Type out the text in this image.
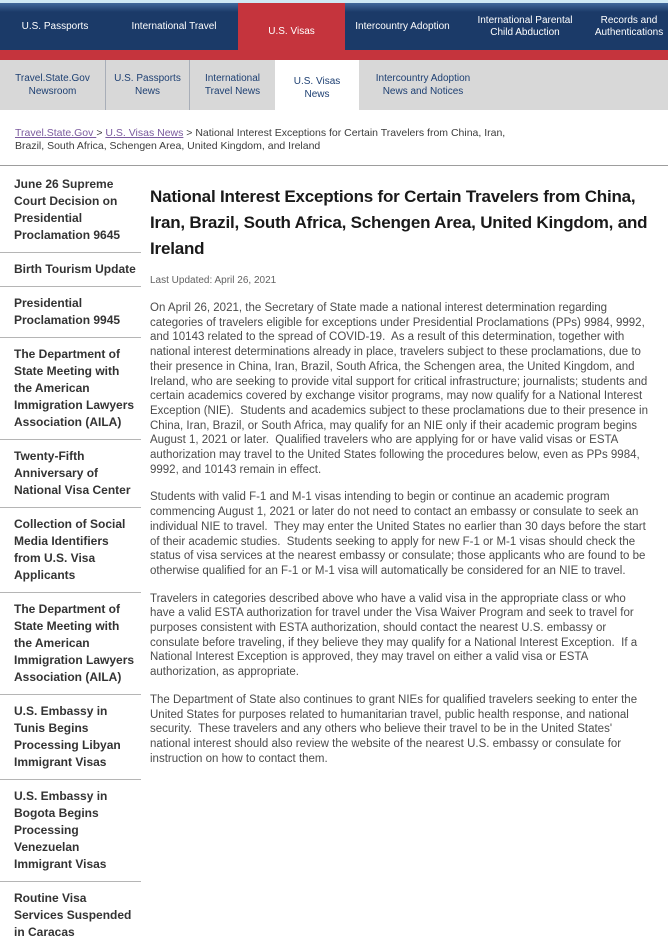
U.S. Passports	International Travel	U.S. Visas	Intercountry Adoption
International Parental Child Abduction
Records and Authentications
Travel.State.Gov Newsroom
U.S. Passports News
International Travel News
U.S. Visas News
Intercountry Adoption News and Notices
Travel.State.Gov > U.S. Visas News > National Interest Exceptions for Certain Travelers from China, Iran, Brazil, South Africa, Schengen Area, United Kingdom, and Ireland
June 26 Supreme Court Decision on Presidential Proclamation 9645
Birth Tourism Update
Presidential Proclamation 9945
The Department of State Meeting with the American Immigration Lawyers Association (AILA)
Twenty-Fifth Anniversary of National Visa Center
Collection of Social Media Identifiers from U.S. Visa Applicants
The Department of State Meeting with the American Immigration Lawyers Association (AILA)
U.S. Embassy in Tunis Begins Processing Libyan Immigrant Visas
U.S. Embassy in Bogota Begins Processing Venezuelan Immigrant Visas
Routine Visa Services Suspended in Caracas
National Interest Exceptions for Certain Travelers from China, Iran, Brazil, South Africa, Schengen Area, United Kingdom, and Ireland
Last Updated: April 26, 2021

On April 26, 2021, the Secretary of State made a national interest determination regarding categories of travelers eligible for exceptions under Presidential Proclamations (PPs) 9984, 9992, and 10143 related to the spread of COVID-19.  As a result of this determination, together with national interest determinations already in place, travelers subject to these proclamations, due to their presence in China, Iran, Brazil, South Africa, the Schengen area, the United Kingdom, and Ireland, who are seeking to provide vital support for critical infrastructure; journalists; students and certain academics covered by exchange visitor programs, may now qualify for a National Interest Exception (NIE).  Students and academics subject to these proclamations due to their presence in China, Iran, Brazil, or South Africa, may qualify for an NIE only if their academic program begins August 1, 2021 or later.  Qualified travelers who are applying for or have valid visas or ESTA authorization may travel to the United States following the procedures below, even as PPs 9984, 9992, and 10143 remain in effect.

Students with valid F-1 and M-1 visas intending to begin or continue an academic program commencing August 1, 2021 or later do not need to contact an embassy or consulate to seek an individual NIE to travel.  They may enter the United States no earlier than 30 days before the start of their academic studies.  Students seeking to apply for new F-1 or M-1 visas should check the status of visa services at the nearest embassy or consulate; those applicants who are found to be otherwise qualified for an F-1 or M-1 visa will automatically be considered for an NIE to travel.

Travelers in categories described above who have a valid visa in the appropriate class or who have a valid ESTA authorization for travel under the Visa Waiver Program and seek to travel for purposes consistent with ESTA authorization, should contact the nearest U.S. embassy or consulate before traveling, if they believe they may qualify for a National Interest Exception.  If a National Interest Exception is approved, they may travel on either a valid visa or ESTA authorization, as appropriate.

The Department of State also continues to grant NIEs for qualified travelers seeking to enter the United States for purposes related to humanitarian travel, public health response, and national security.  These travelers and any others who believe their travel to be in the United States' national interest should also review the website of the nearest U.S. embassy or consulate for instruction on how to contact them.
